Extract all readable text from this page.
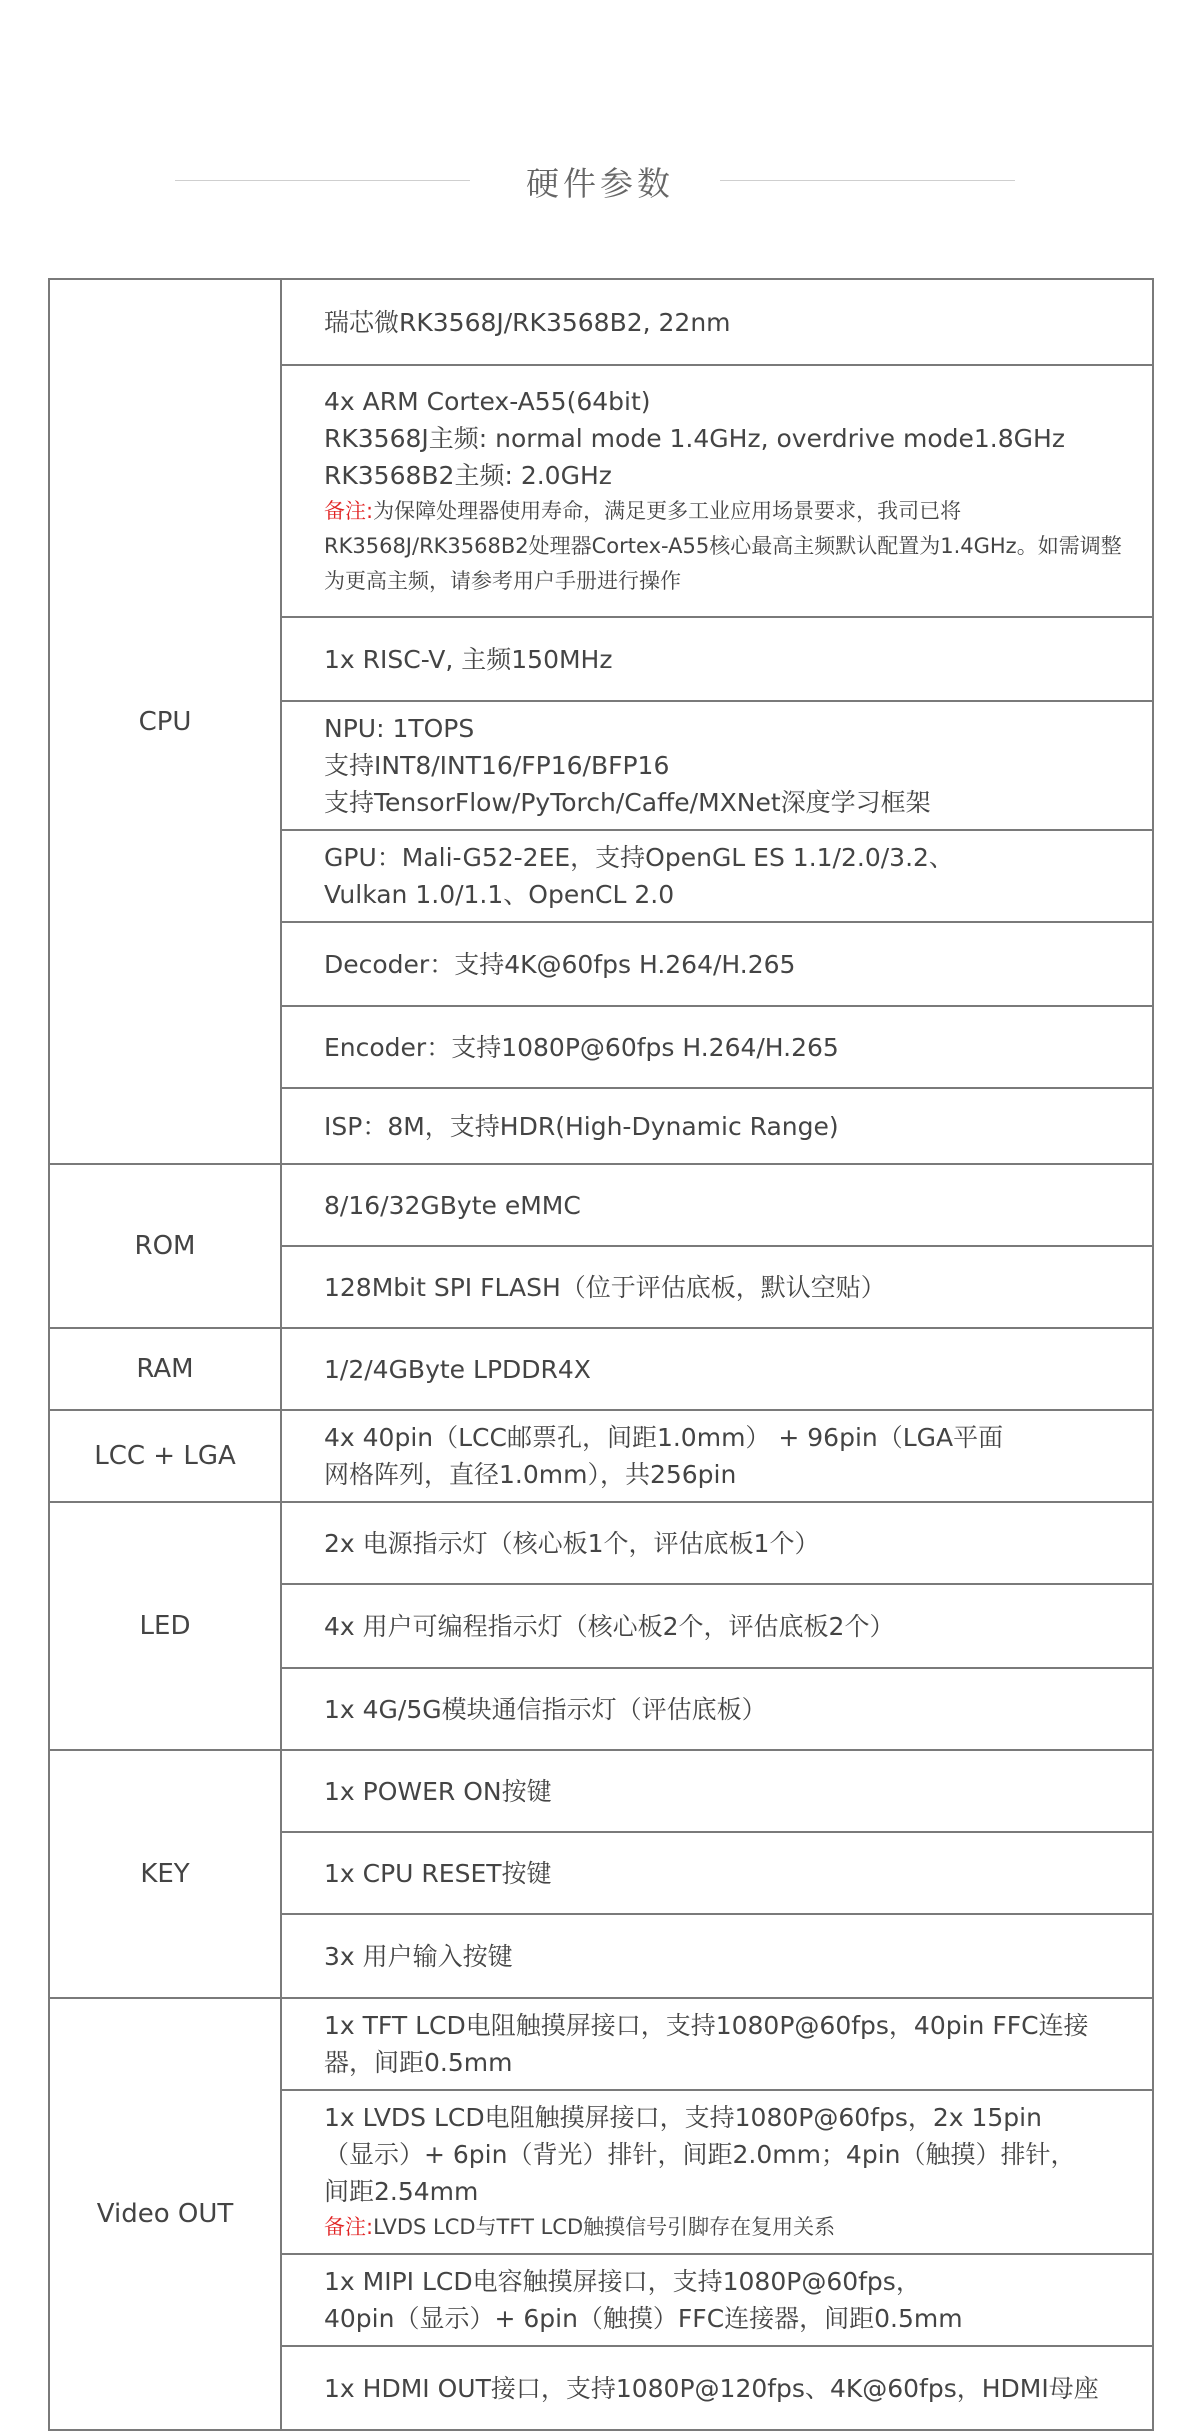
硬件参数
CPU	瑞芯微RK3568J/RK3568B2, 22nm

	4x ARM Cortex-A55(64bit)
RK3568J主频: normal mode 1.4GHz, overdrive mode1.8GHz
RK3568B2主频: 2.0GHz
备注:为保障处理器使用寿命，满足更多工业应用场景要求，我司已将RK3568J/RK3568B2处理器Cortex-A55核心最高主频默认配置为1.4GHz。如需调整为更高主频，请参考用户手册进行操作

	1x RISC-V, 主频150MHz

	NPU: 1TOPS
支持INT8/INT16/FP16/BFP16
支持TensorFlow/PyTorch/Caffe/MXNet深度学习框架

	GPU：Mali-G52-2EE，支持OpenGL ES 1.1/2.0/3.2、
Vulkan 1.0/1.1、OpenCL 2.0

	Decoder：支持4K@60fps H.264/H.265

	Encoder：支持1080P@60fps H.264/H.265

	ISP：8M，支持HDR(High-Dynamic Range)

ROM	8/16/32GByte eMMC

	128Mbit SPI FLASH（位于评估底板，默认空贴）

RAM	1/2/4GByte LPDDR4X

LCC + LGA	4x 40pin（LCC邮票孔，间距1.0mm） + 96pin（LGA平面
网格阵列，直径1.0mm），共256pin

LED	2x 电源指示灯（核心板1个，评估底板1个）

	4x 用户可编程指示灯（核心板2个，评估底板2个）

	1x 4G/5G模块通信指示灯（评估底板）

KEY	1x POWER ON按键

	1x CPU RESET按键

	3x 用户输入按键

Video OUT	1x TFT LCD电阻触摸屏接口，支持1080P@60fps，40pin FFC连接
器，间距0.5mm

	1x LVDS LCD电阻触摸屏接口，支持1080P@60fps，2x 15pin
（显示）+ 6pin（背光）排针，间距2.0mm；4pin（触摸）排针，
间距2.54mm
备注:LVDS LCD与TFT LCD触摸信号引脚存在复用关系

	1x MIPI LCD电容触摸屏接口，支持1080P@60fps，
40pin（显示）+ 6pin（触摸）FFC连接器，间距0.5mm

	1x HDMI OUT接口，支持1080P@120fps、4K@60fps，HDMI母座
